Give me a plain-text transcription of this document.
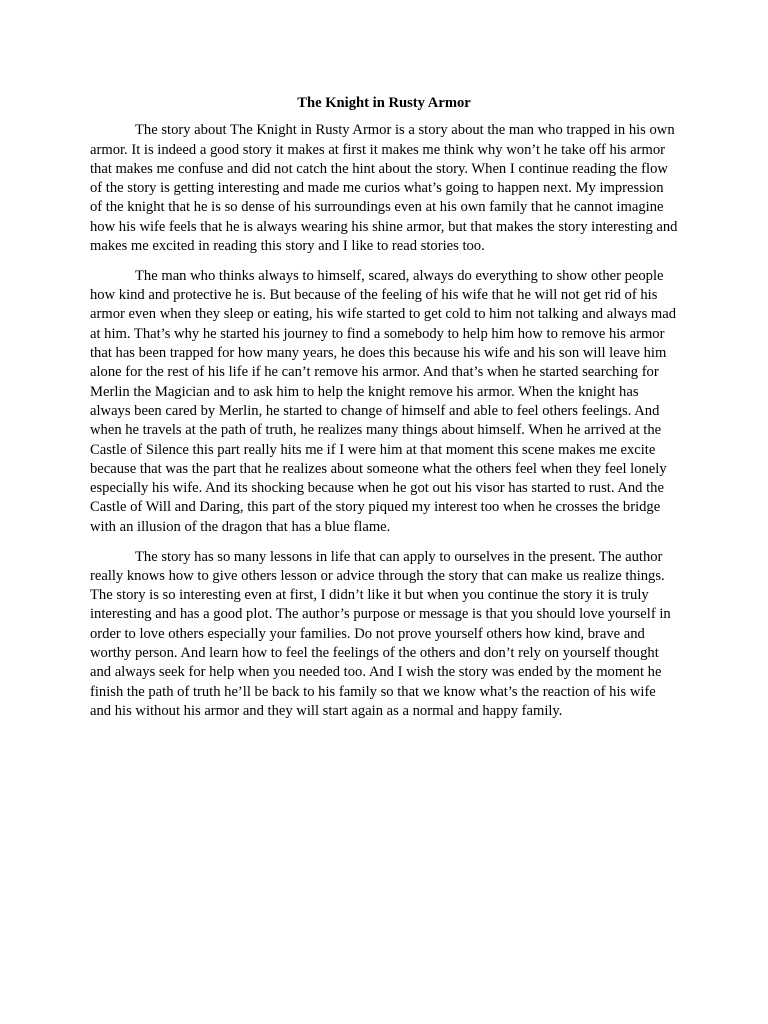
The Knight in Rusty Armor

The story about The Knight in Rusty Armor is a story about the man who trapped in his own armor. It is indeed a good story it makes at first it makes me think why won’t he take off his armor that makes me confuse and did not catch the hint about the story. When I continue reading the flow of the story is getting interesting and made me curios what’s going to happen next. My impression of the knight that he is so dense of his surroundings even at his own family that he cannot imagine how his wife feels that he is always wearing his shine armor, but that makes the story interesting and makes me excited in reading this story and I like to read stories too.

The man who thinks always to himself, scared, always do everything to show other people how kind and protective he is. But because of the feeling of his wife that he will not get rid of his armor even when they sleep or eating, his wife started to get cold to him not talking and always mad at him. That’s why he started his journey to find a somebody to help him how to remove his armor that has been trapped for how many years, he does this because his wife and his son will leave him alone for the rest of his life if he can’t remove his armor. And that’s when he started searching for Merlin the Magician and to ask him to help the knight remove his armor. When the knight has always been cared by Merlin, he started to change of himself and able to feel others feelings. And when he travels at the path of truth, he realizes many things about himself. When he arrived at the Castle of Silence this part really hits me if I were him at that moment this scene makes me excite because that was the part that he realizes about someone what the others feel when they feel lonely especially his wife. And its shocking because when he got out his visor has started to rust. And the Castle of Will and Daring, this part of the story piqued my interest too when he crosses the bridge with an illusion of the dragon that has a blue flame.

The story has so many lessons in life that can apply to ourselves in the present. The author really knows how to give others lesson or advice through the story that can make us realize things. The story is so interesting even at first, I didn’t like it but when you continue the story it is truly interesting and has a good plot. The author’s purpose or message is that you should love yourself in order to love others especially your families. Do not prove yourself others how kind, brave and worthy person. And learn how to feel the feelings of the others and don’t rely on yourself thought and always seek for help when you needed too. And I wish the story was ended by the moment he finish the path of truth he’ll be back to his family so that we know what’s the reaction of his wife and his without his armor and they will start again as a normal and happy family.
